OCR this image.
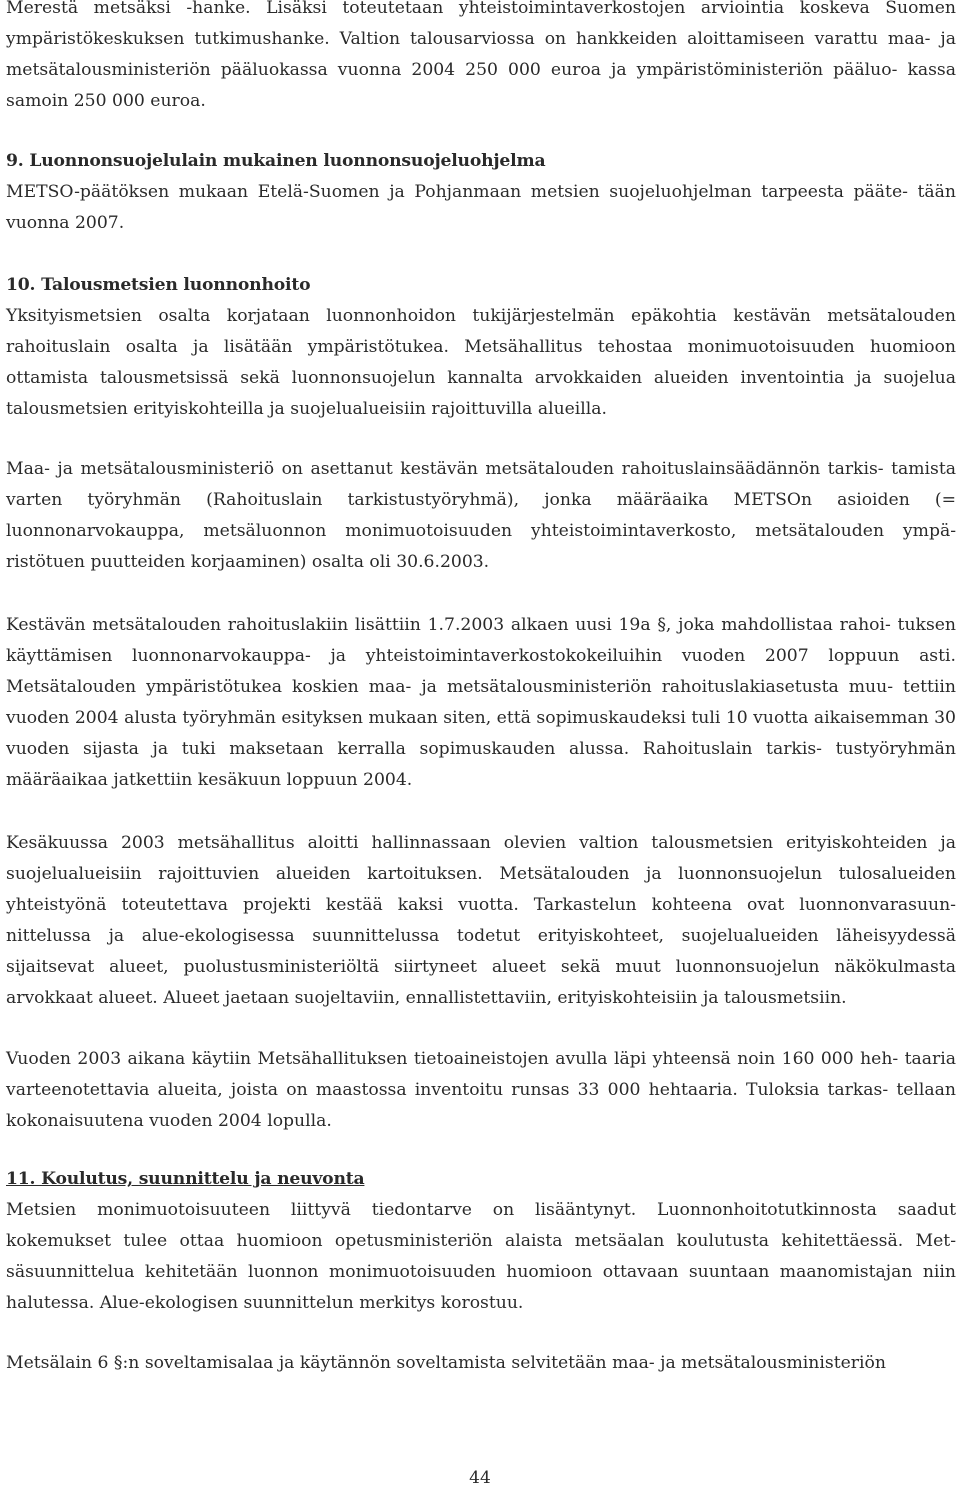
Merestä metsäksi -hanke. Lisäksi toteutetaan yhteistoimintaverkostojen arviointia koskeva Suomen ympäristökeskuksen tutkimushanke. Valtion talousarviossa on hankkeiden aloittamiseen varattu maa- ja metsätalousministeriön pääluokassa vuonna 2004 250 000 euroa ja ympäristöministeriön pääluo- kassa samoin 250 000 euroa.

9. Luonnonsuojelulain mukainen luonnonsuojeluohjelma

METSO-päätöksen mukaan Etelä-Suomen ja Pohjanmaan metsien suojeluohjelman tarpeesta pääte- tään vuonna 2007.

10. Talousmetsien luonnonhoito

Yksityismetsien osalta korjataan luonnonhoidon tukijärjestelmän epäkohtia kestävän metsätalouden rahoituslain osalta ja lisätään ympäristötukea. Metsähallitus tehostaa monimuotoisuuden huomioon ottamista talousmetsissä sekä luonnonsuojelun kannalta arvokkaiden alueiden inventointia ja suojelua talousmetsien erityiskohteilla ja suojelualueisiin rajoittuvilla alueilla.

Maa- ja metsätalousministeriö on asettanut kestävän metsätalouden rahoituslainsäädännön tarkis- tamista varten työryhmän (Rahoituslain tarkistustyöryhmä), jonka määräaika METSOn asioiden (= luonnonarvokauppa, metsäluonnon monimuotoisuuden yhteistoimintaverkosto, metsätalouden ympä- ristötuen puutteiden korjaaminen) osalta oli 30.6.2003.

Kestävän metsätalouden rahoituslakiin lisättiin 1.7.2003 alkaen uusi 19a §, joka mahdollistaa rahoi- tuksen käyttämisen luonnonarvokauppa- ja yhteistoimintaverkostokokeiluihin vuoden 2007 loppuun asti. Metsätalouden ympäristötukea koskien maa- ja metsätalousministeriön rahoituslakiasetusta muu- tettiin vuoden 2004 alusta työryhmän esityksen mukaan siten, että sopimuskaudeksi tuli 10 vuotta aikaisemman 30 vuoden sijasta ja tuki maksetaan kerralla sopimuskauden alussa. Rahoituslain tarkis- tustyöryhmän määräaikaa jatkettiin kesäkuun loppuun 2004.

Kesäkuussa 2003 metsähallitus aloitti hallinnassaan olevien valtion talousmetsien erityiskohteiden ja suojelualueisiin rajoittuvien alueiden kartoituksen. Metsätalouden ja luonnonsuojelun tulosalueiden yhteistyönä toteutettava projekti kestää kaksi vuotta. Tarkastelun kohteena ovat luonnonvarasuun- nittelussa ja alue-ekologisessa suunnittelussa todetut erityiskohteet, suojelualueiden läheisyydessä sijaitsevat alueet, puolustusministeriöltä siirtyneet alueet sekä muut luonnonsuojelun näkökulmasta arvokkaat alueet. Alueet jaetaan suojeltaviin, ennallistettaviin, erityiskohteisiin ja talousmetsiin.

Vuoden 2003 aikana käytiin Metsähallituksen tietoaineistojen avulla läpi yhteensä noin 160 000 heh- taaria varteenotettavia alueita, joista on maastossa inventoitu runsas 33 000 hehtaaria. Tuloksia tarkas- tellaan kokonaisuutena vuoden 2004 lopulla.

11. Koulutus, suunnittelu ja neuvonta

Metsien monimuotoisuuteen liittyvä tiedontarve on lisääntynyt. Luonnonhoitotutkinnosta saadut kokemukset tulee ottaa huomioon opetusministeriön alaista metsäalan koulutusta kehitettäessä. Met- säsuunnittelua kehitetään luonnon monimuotoisuuden huomioon ottavaan suuntaan maanomistajan niin halutessa. Alue-ekologisen suunnittelun merkitys korostuu.

Metsälain 6 §:n soveltamisalaa ja käytännön soveltamista selvitetään maa- ja metsätalousministeriön

44
